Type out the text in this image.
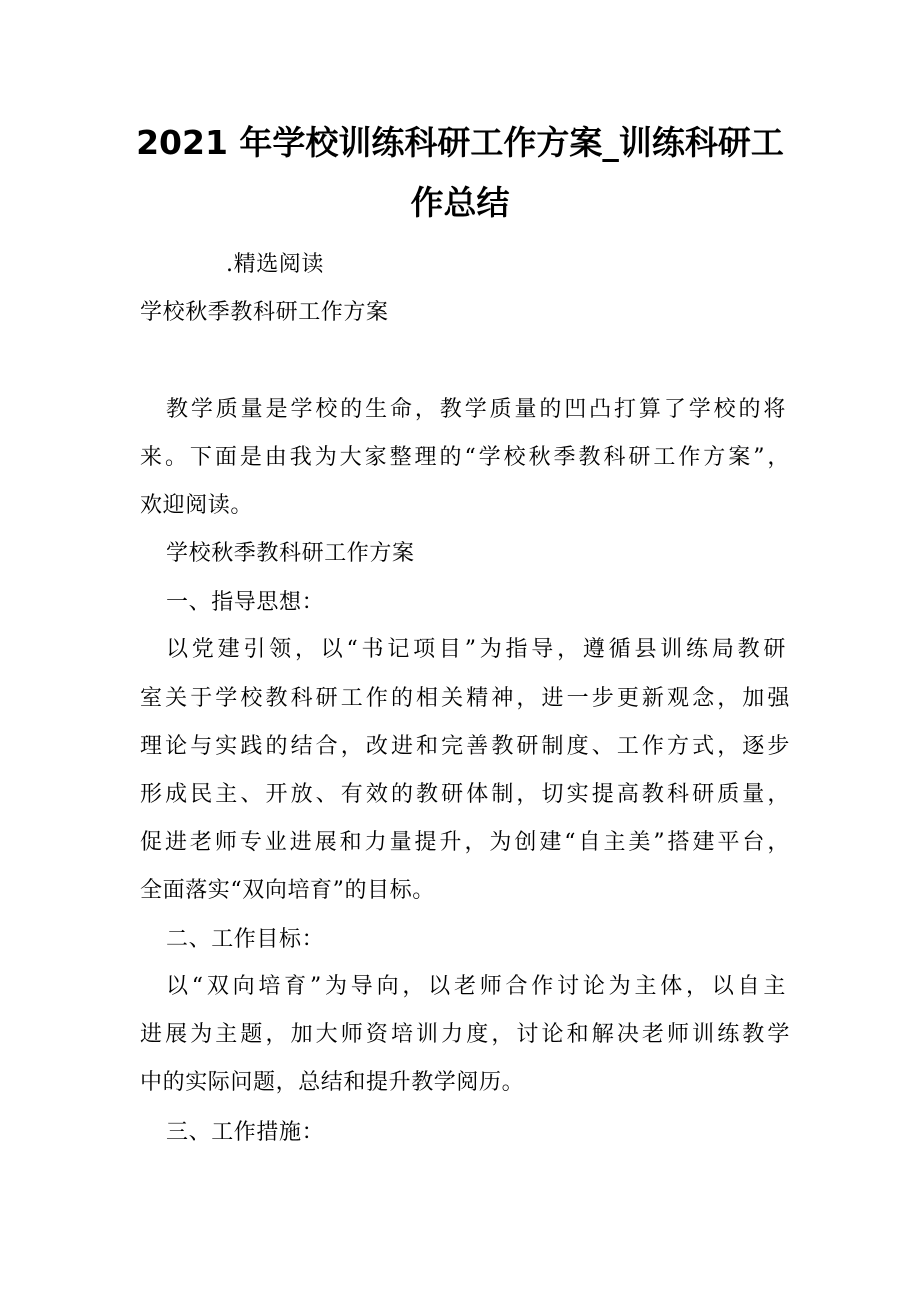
2021 年学校训练科研工作方案_训练科研工
作总结
.精选阅读
学校秋季教科研工作方案
教学质量是学校的生命，教学质量的凹凸打算了学校的将
来。下面是由我为大家整理的“学校秋季教科研工作方案”，
欢迎阅读。
学校秋季教科研工作方案
一、指导思想：
以党建引领，以“书记项目”为指导，遵循县训练局教研
室关于学校教科研工作的相关精神，进一步更新观念，加强
理论与实践的结合，改进和完善教研制度、工作方式，逐步
形成民主、开放、有效的教研体制，切实提高教科研质量，
促进老师专业进展和力量提升，为创建“自主美”搭建平台，
全面落实“双向培育”的目标。
二、工作目标：
以“双向培育”为导向，以老师合作讨论为主体，以自主
进展为主题，加大师资培训力度，讨论和解决老师训练教学
中的实际问题，总结和提升教学阅历。
三、工作措施：
